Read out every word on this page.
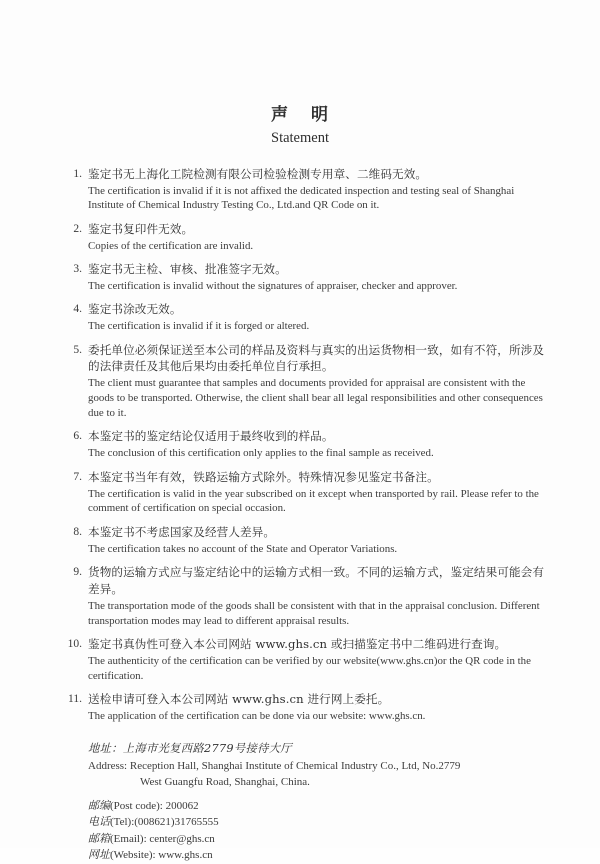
声 明
Statement
1. 鉴定书无上海化工院检测有限公司检验检测专用章、二维码无效。
The certification is invalid if it is not affixed the dedicated inspection and testing seal of Shanghai Institute of Chemical Industry Testing Co., Ltd.and QR Code on it.
2. 鉴定书复印件无效。
Copies of the certification are invalid.
3. 鉴定书无主检、审核、批准签字无效。
The certification is invalid without the signatures of appraiser, checker and approver.
4. 鉴定书涂改无效。
The certification is invalid if it is forged or altered.
5. 委托单位必须保证送至本公司的样品及资料与真实的出运货物相一致，如有不符，所涉及的法律责任及其他后果均由委托单位自行承担。
The client must guarantee that samples and documents provided for appraisal are consistent with the goods to be transported. Otherwise, the client shall bear all legal responsibilities and other consequences due to it.
6. 本鉴定书的鉴定结论仅适用于最终收到的样品。
The conclusion of this certification only applies to the final sample as received.
7. 本鉴定书当年有效，铁路运输方式除外。特殊情况参见鉴定书备注。
The certification is valid in the year subscribed on it except when transported by rail. Please refer to the comment of certification on special occasion.
8. 本鉴定书不考虑国家及经营人差异。
The certification takes no account of the State and Operator Variations.
9. 货物的运输方式应与鉴定结论中的运输方式相一致。不同的运输方式，鉴定结果可能会有差异。
The transportation mode of the goods shall be consistent with that in the appraisal conclusion. Different transportation modes may lead to different appraisal results.
10. 鉴定书真伪性可登入本公司网站 www.ghs.cn 或扫描鉴定书中二维码进行查询。
The authenticity of the certification can be verified by our website(www.ghs.cn)or the QR code in the certification.
11. 送检申请可登入本公司网站 www.ghs.cn 进行网上委托。
The application of the certification can be done via our website: www.ghs.cn.
地址：上海市光复西路2779号接待大厅
Address: Reception Hall, Shanghai Institute of Chemical Industry Co., Ltd, No.2779
West Guangfu Road, Shanghai, China.
邮编(Post code): 200062
电话(Tel):(008621)31765555
邮箱(Email): center@ghs.cn
网址(Website): www.ghs.cn
